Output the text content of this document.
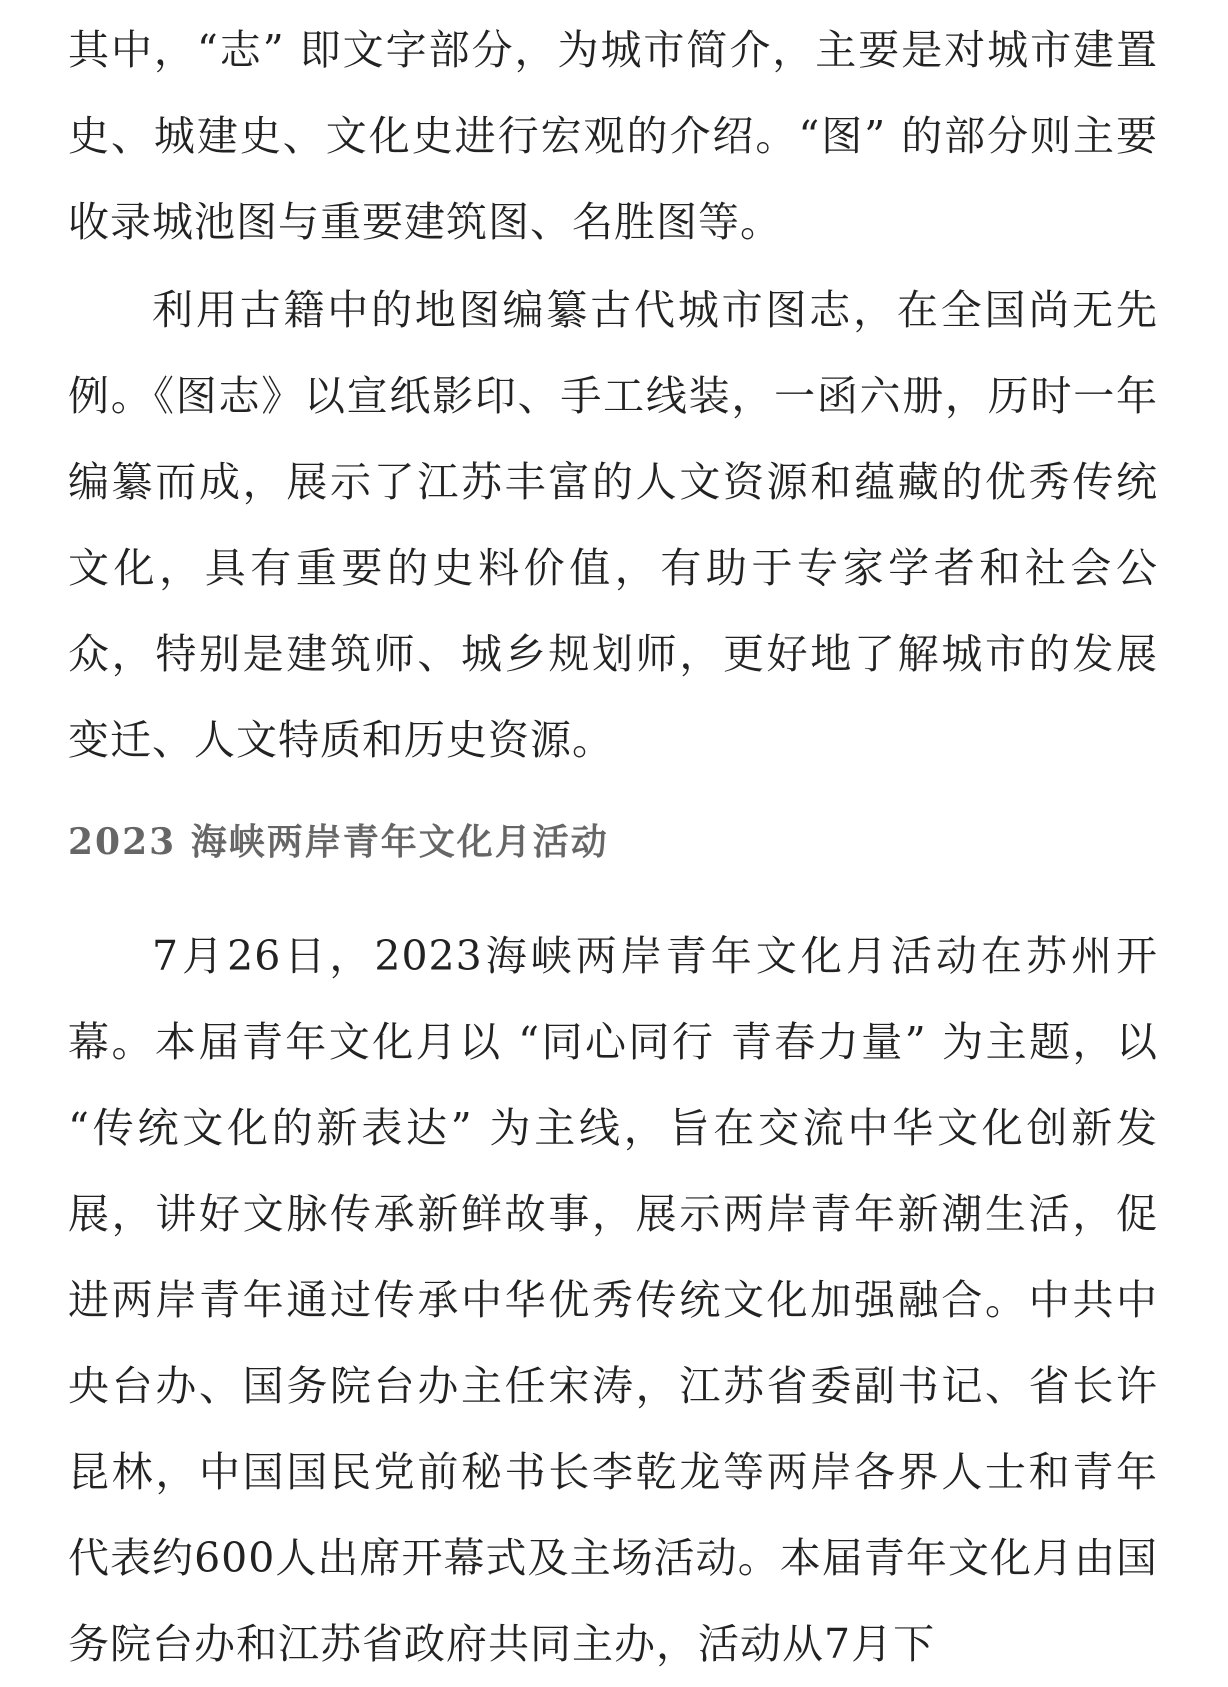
其中，“志” 即文字部分，为城市简介，主要是对城市建置史、城建史、文化史进行宏观的介绍。“图” 的部分则主要收录城池图与重要建筑图、名胜图等。

利用古籍中的地图编纂古代城市图志，在全国尚无先例。《图志》以宣纸影印、手工线装，一函六册，历时一年编纂而成，展示了江苏丰富的人文资源和蕴藏的优秀传统文化，具有重要的史料价值，有助于专家学者和社会公众，特别是建筑师、城乡规划师，更好地了解城市的发展变迁、人文特质和历史资源。

2023 海峡两岸青年文化月活动

7月26日，2023海峡两岸青年文化月活动在苏州开幕。本届青年文化月以 “同心同行 青春力量” 为主题，以 “传统文化的新表达” 为主线，旨在交流中华文化创新发展，讲好文脉传承新鲜故事，展示两岸青年新潮生活，促进两岸青年通过传承中华优秀传统文化加强融合。中共中央台办、国务院台办主任宋涛，江苏省委副书记、省长许昆林，中国国民党前秘书长李乾龙等两岸各界人士和青年代表约600人出席开幕式及主场活动。本届青年文化月由国务院台办和江苏省政府共同主办，活动从7月下
